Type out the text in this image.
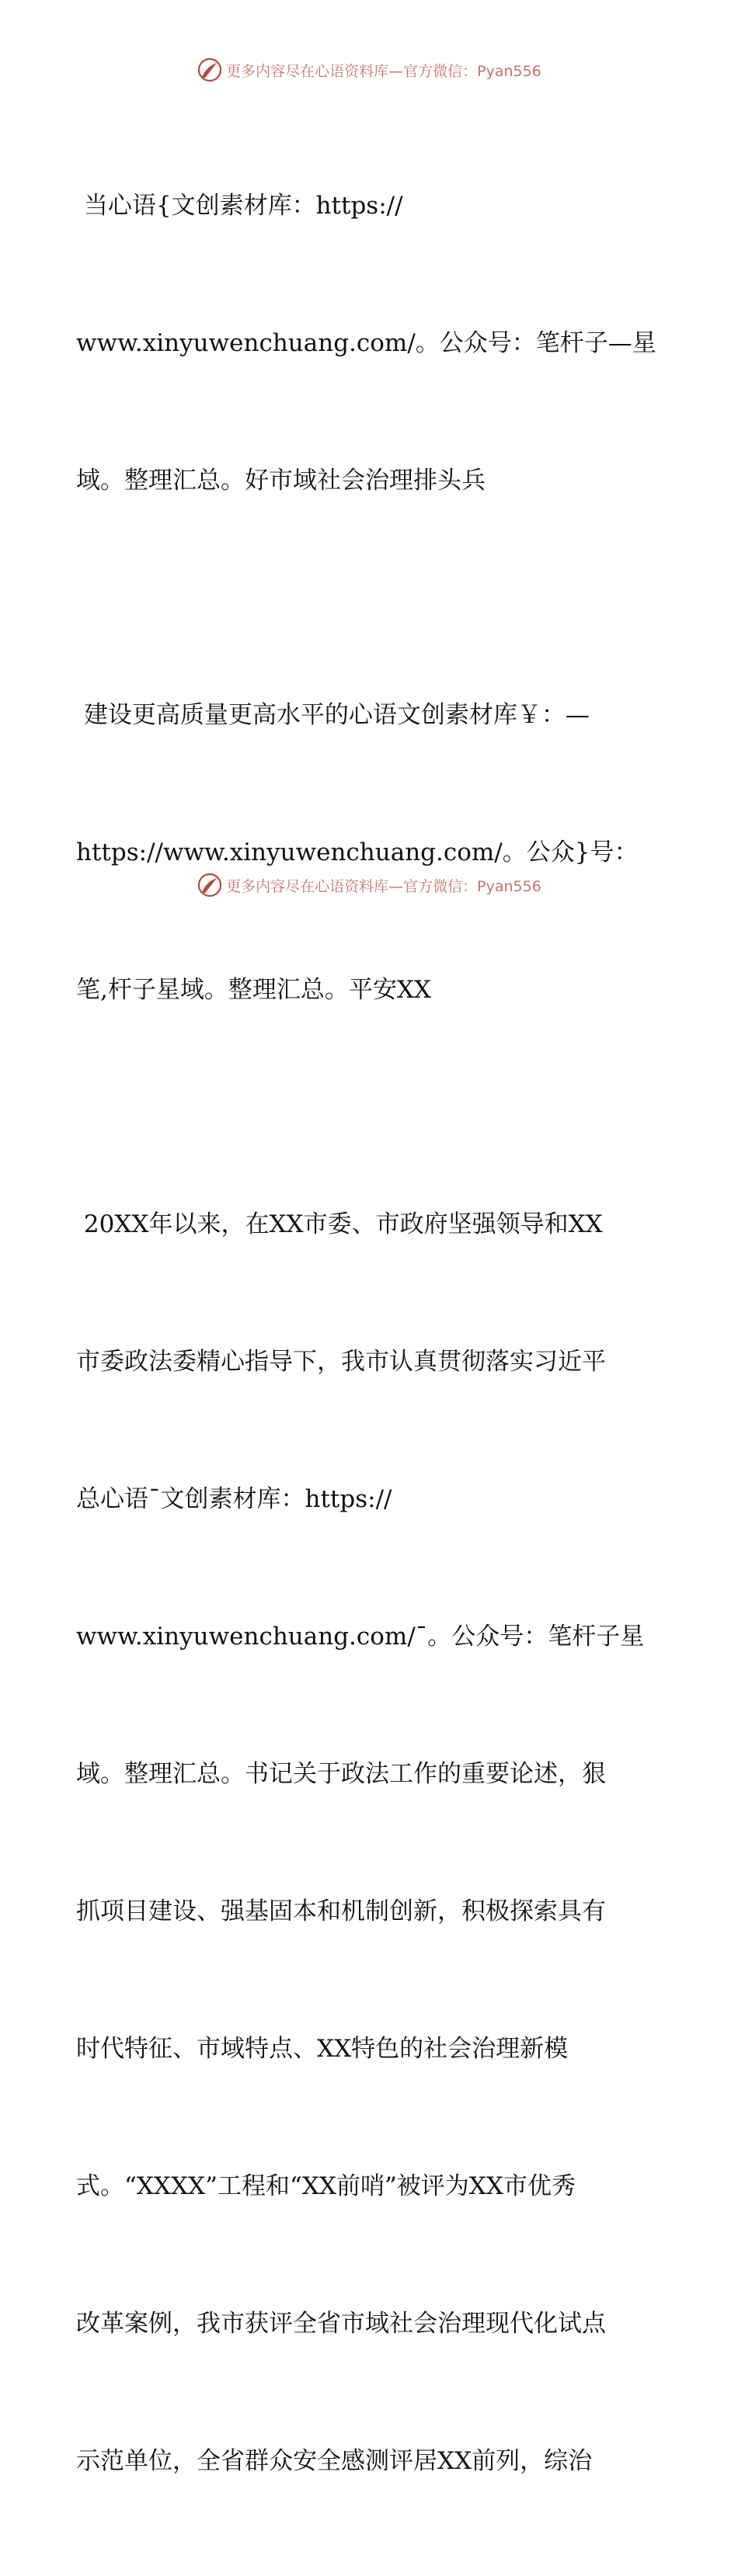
更多内容尽在心语资料库—官方微信：Pyan556

当心语{文创素材库：https://

www.xinyuwenchuang.com/。公众号：笔杆子—星

域。整理汇总。好市域社会治理排头兵

建设更高质量更高水平的心语文创素材库￥：—

https://www.xinyuwenchuang.com/。公众}号：

笔,杆子星域。整理汇总。平安XX

20XX年以来，在XX市委、市政府坚强领导和XX

市委政法委精心指导下，我市认真贯彻落实习近平

总心语¯文创素材库：https://

www.xinyuwenchuang.com/¯。公众号：笔杆子星

域。整理汇总。书记关于政法工作的重要论述，狠

抓项目建设、强基固本和机制创新，积极探索具有

时代特征、市域特点、XX特色的社会治理新模

式。“XXXX”工程和“XX前哨”被评为XX市优秀

改革案例，我市获评全省市域社会治理现代化试点

示范单位，全省群众安全感测评居XX前列，综治

更多内容尽在心语资料库—官方微信：Pyan556
